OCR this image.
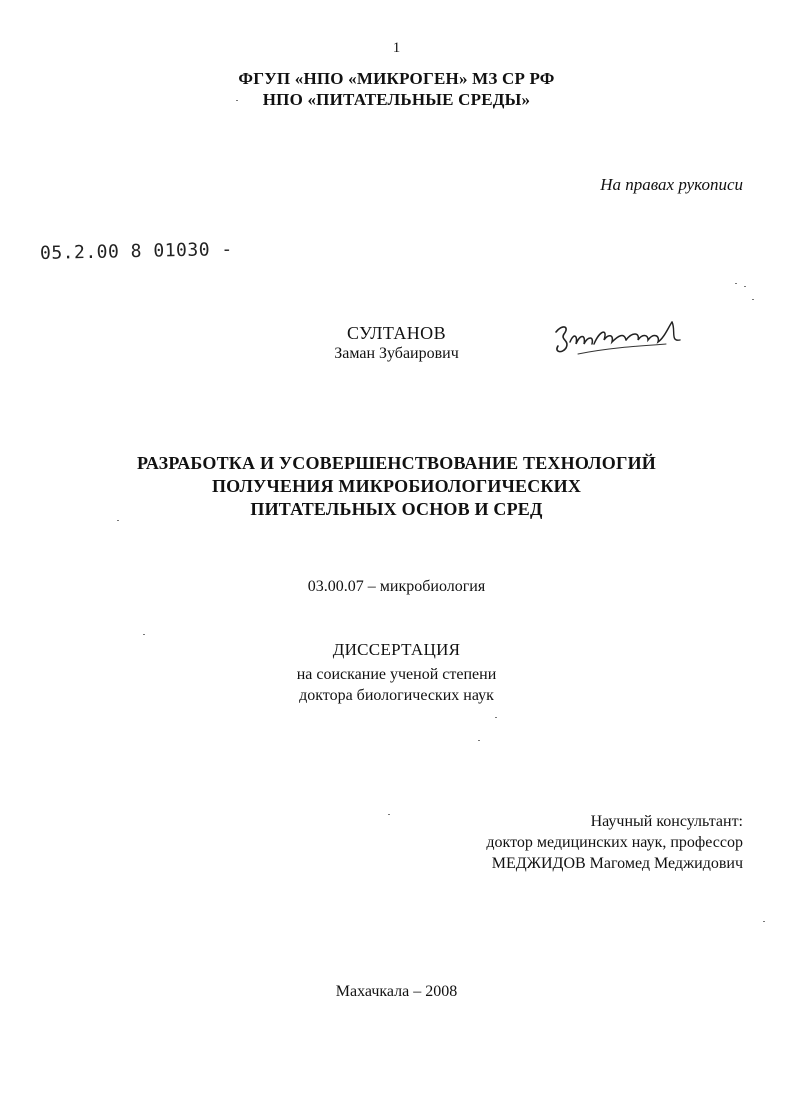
1
ФГУП «НПО «МИКРОГЕН» МЗ СР РФ
НПО «ПИТАТЕЛЬНЫЕ СРЕДЫ»
На правах рукописи
05.2.00 8 01030 -
СУЛТАНОВ
Заман Зубаирович
РАЗРАБОТКА И УСОВЕРШЕНСТВОВАНИЕ ТЕХНОЛОГИЙ
ПОЛУЧЕНИЯ МИКРОБИОЛОГИЧЕСКИХ
ПИТАТЕЛЬНЫХ ОСНОВ И СРЕД
03.00.07 – микробиология
ДИССЕРТАЦИЯ
на соискание ученой степени
доктора биологических наук
Научный консультант:
доктор медицинских наук, профессор
МЕДЖИДОВ Магомед Меджидович
Махачкала – 2008
